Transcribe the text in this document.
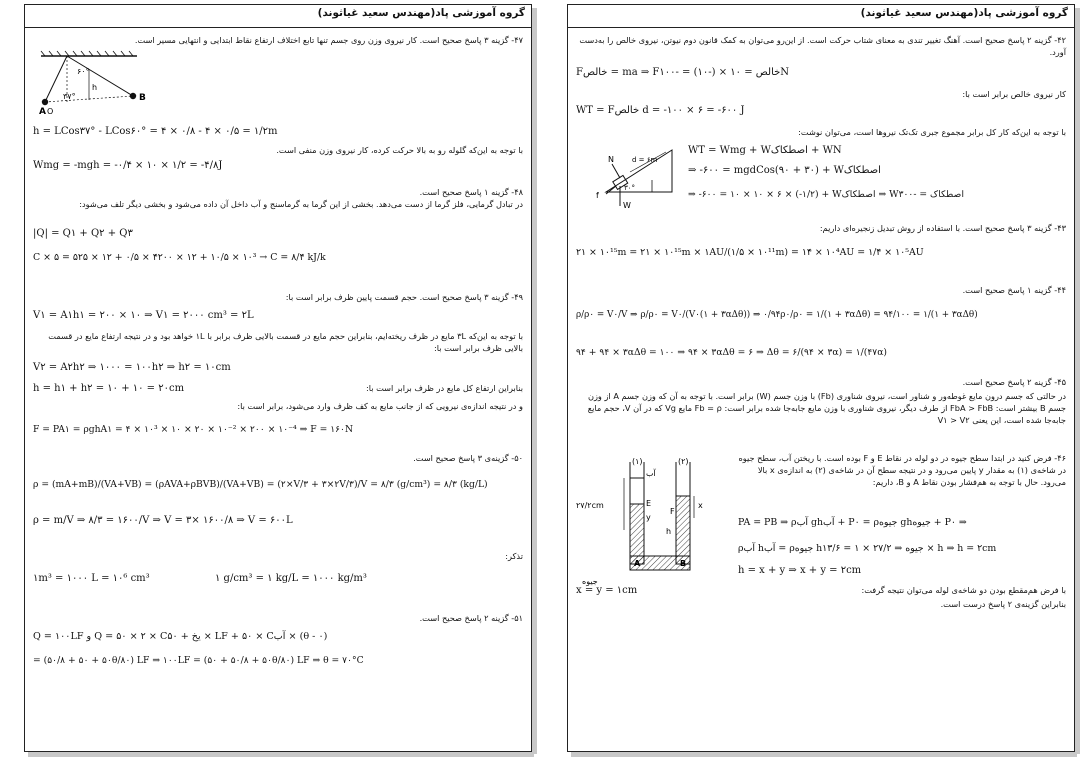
گروه آموزشی پاد(مهندس سعید غیاثوند)
۴۷- گزینه ۳ پاسخ صحیح است. کار نیروی وزن روی جسم تنها تابع اختلاف ارتفاع نقاط ابتدایی و انتهایی مسیر است.
۶۰°
۳۷°	B
A O
h
h = LCos۳۷° - LCos۶۰° = ۴ × ۰/۸ - ۴ × ۰/۵ = ۱/۲m
با توجه به این‌که گلوله رو به بالا حرکت کرده، کار نیروی وزن منفی است.
Wmg = -mgh = -۰/۴ × ۱۰ × ۱/۲ = -۴/۸J
۴۸- گزینه ۱ پاسخ صحیح است.
در تبادل گرمایی، فلز گرما از دست می‌دهد. بخشی از این گرما به گرماسنج و آب داخل آن داده می‌شود و بخشی دیگر تلف می‌شود:
|Q| = Q۱ + Q۲ + Q۳
C × ۵ = ۵۲۵ × ۱۲ + ۰/۵ × ۴۲۰۰ × ۱۲ + ۱۰/۵ × ۱۰³ → C = ۸/۴ kJ/k
۴۹- گزینه ۳ پاسخ صحیح است. حجم قسمت پایین ظرف برابر است با:
V۱ = A۱h۱ = ۲۰۰ × ۱۰ ⇒ V۱ = ۲۰۰۰ cm³ = ۲L
با توجه به این‌که ۳L مایع در ظرف ریخته‌ایم، بنابراین حجم مایع در قسمت بالایی ظرف برابر با ۱L خواهد بود و در نتیجه ارتفاع مایع در قسمت بالایی ظرف برابر است با:
V۲ = A۲h۲ ⇒ ۱۰۰۰ = ۱۰۰h۲ ⇒ h۲ = ۱۰cm
بنابراین ارتفاع کل مایع در ظرف برابر است با:
h = h۱ + h۲ = ۱۰ + ۱۰ = ۲۰cm
و در نتیجه اندازه‌ی نیرویی که از جانب مایع به کف ظرف وارد می‌شود، برابر است با:
F = PA۱ = ρghA۱ = ۴ × ۱۰³ × ۱۰ × ۲۰ × ۱۰⁻² × ۲۰۰ × ۱۰⁻⁴ ⇒ F = ۱۶۰N
۵۰- گزینه‌ی ۳ پاسخ صحیح است.
ρ = (mA+mB)/(VA+VB) = (ρAVA+ρBVB)/(VA+VB) = (۲×V/۳ + ۳×۲V/۳)/V = ۸/۳ (g/cm³) = ۸/۳ (kg/L)
ρ = m/V ⇒ ۸/۳ = ۱۶۰۰/V ⇒ V = ۳× ۱۶۰۰/۸ ⇒ V = ۶۰۰L
تذکر:
۱m³ = ۱۰۰۰ L = ۱۰⁶ cm³	۱ g/cm³ = ۱ kg/L = ۱۰۰۰ kg/m³
۵۱- گزینه ۲ پاسخ صحیح است.
Q = ۱۰۰LF و Q = ۵۰ × ۲ × Cیخ + ۵۰ × LF + ۵۰ × Cآب × (θ - ۰)
= (۵۰/۸ + ۵۰ + ۵۰θ/۸۰) LF ⇒ ۱۰۰LF = (۵۰ + ۵۰/۸ + ۵۰θ/۸۰) LF ⇒ θ = ۷۰°C
گروه آموزشی پاد(مهندس سعید غیاثوند)
۴۲- گزینه ۲ پاسخ صحیح است. آهنگ تغییر تندی به معنای شتاب حرکت است. از این‌رو می‌توان به کمک قانون دوم نیوتن، نیروی خالص را به‌دست آورد.
Fخالص = ma ⇒ Fخالص = ۱۰ × (-۱۰) = -۱۰۰N
کار نیروی خالص برابر است با:
WT = Fخالص d = -۱۰۰ × ۶ = -۶۰۰ J
با توجه به این‌که کار کل برابر مجموع جبری تک‌تک نیروها است، می‌توان نوشت:
N
f
W
d = ۶m
۳۰°
WT = Wmg + Wاصطکاک + WN
⇒ -۶۰۰ = mgdCos(۹۰ + ۳۰) + Wاصطکاک
⇒ -۶۰۰ = ۱۰ × ۱۰ × ۶ × (-۱/۲) + Wاصطکاک ⇒ Wاصطکاک = -۳۰۰
۴۳- گزینه ۳ پاسخ صحیح است. با استفاده از روش تبدیل زنجیره‌ای داریم:
۲۱ × ۱۰¹⁵m = ۲۱ × ۱۰¹⁵m × ۱AU/(۱/۵ × ۱۰¹¹m) = ۱۴ × ۱۰⁴AU = ۱/۴ × ۱۰⁵AU
۴۴- گزینه ۱ پاسخ صحیح است.
ρ/ρ۰ = V۰/V ⇒ ρ/ρ۰ = V۰/(V۰(۱ + ۳αΔθ)) ⇒ ۰/۹۴ρ۰/ρ۰ = ۱/(۱ + ۳αΔθ) = ۹۴/۱۰۰ = ۱/(۱ + ۳αΔθ)
۹۴ + ۹۴ × ۳αΔθ = ۱۰۰ ⇒ ۹۴ × ۳αΔθ = ۶ ⇒ Δθ = ۶/(۹۴ × ۳α) = ۱/(۴۷α)
۴۵- گزینه ۲ پاسخ صحیح است.
در حالتی که جسم درون مایع غوطه‌ور و شناور است، نیروی شناوری (Fb) با وزن جسم (W) برابر است. با توجه به آن که وزن جسم A از وزن جسم B بیشتر است: FbA > FbB از طرف دیگر، نیروی شناوری با وزن مایع جابه‌جا شده برابر است: Fb = ρ مایع Vg که در آن V، حجم مایع جابه‌جا شده است، این یعنی V۱ > V۲
(۱)	(۲)
آب
۲۷/۲cm	E
F
y
h
x
A	B
جیوه
۴۶- فرض کنید در ابتدا سطح جیوه در دو لوله در نقاط E و F بوده است. با ریختن آب، سطح جیوه در شاخه‌ی (۱) به مقدار y پایین می‌رود و در نتیجه سطح آن در شاخه‌ی (۲) به اندازه‌ی x بالا می‌رود. حال با توجه به هم‌فشار بودن نقاط A و B، داریم:
PA = PB ⇒ ρآب ghآب + P۰ = ρجیوه ghجیوه + P۰ ⇒
ρآب hآب = ρجیوه hجیوه ⇒ ۲۷/۲ × ۱ = ۱۳/۶ × h ⇒ h = ۲cm
h = x + y ⇒ x + y = ۲cm
با فرض هم‌مقطع بودن دو شاخه‌ی لوله می‌توان نتیجه گرفت:
x = y = ۱cm
بنابراین گزینه‌ی ۲ پاسخ درست است.
